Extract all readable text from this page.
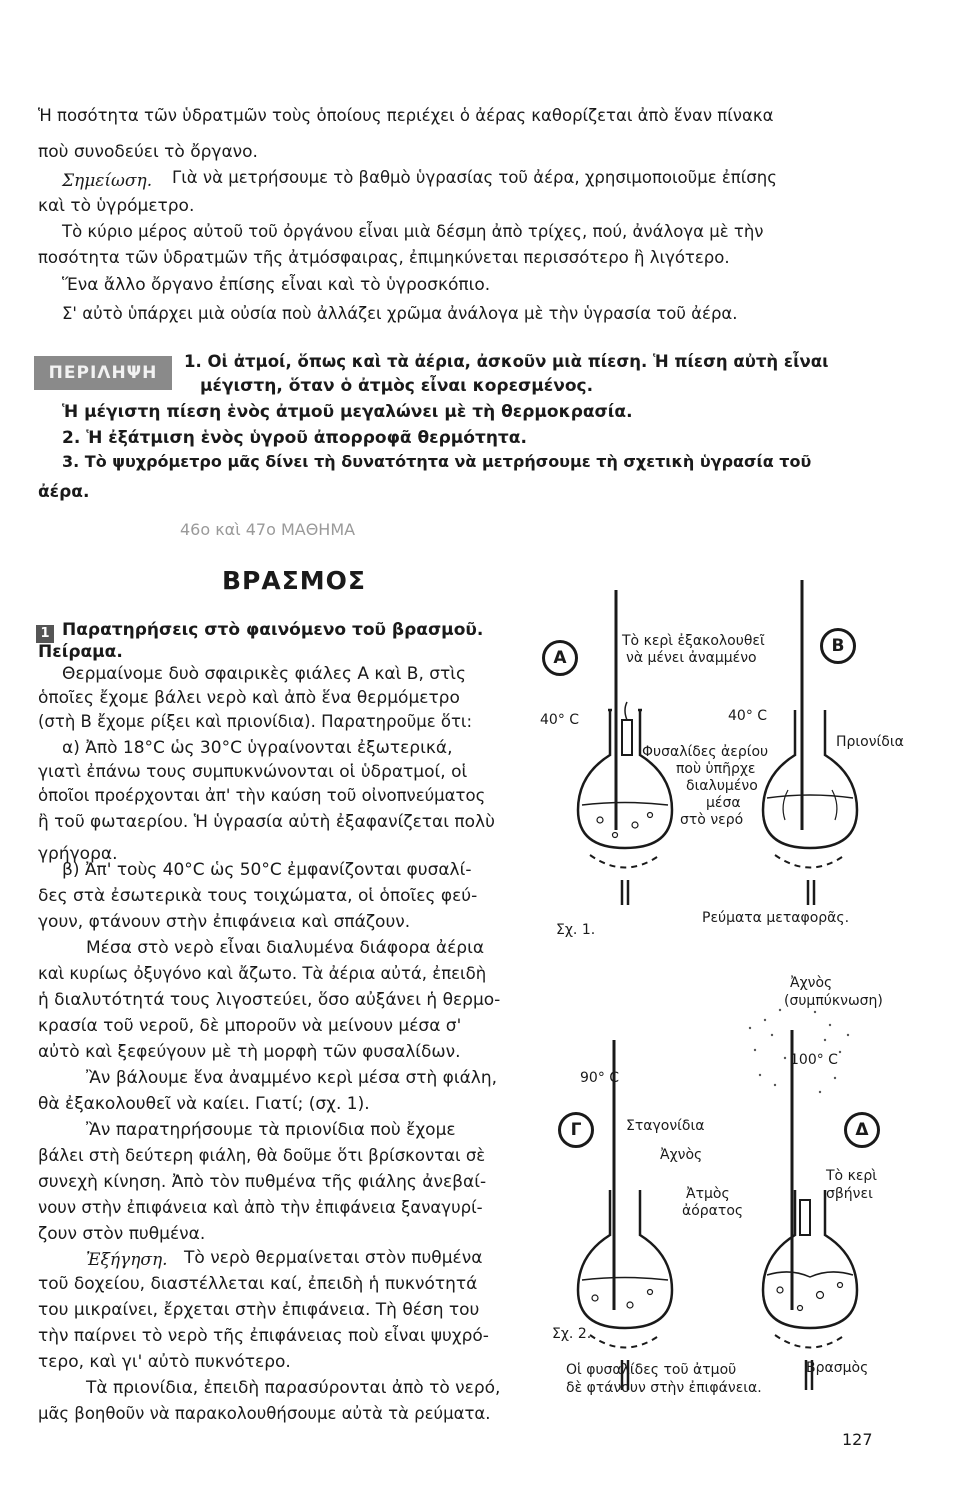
Ἡ ποσότητα τῶν ὑδρατμῶν τοὺς ὁποίους περιέχει ὁ ἀέρας καθορίζεται ἀπὸ ἕναν πίνακα
ποὺ συνοδεύει τὸ ὄργανο.
Σημείωση. Γιὰ νὰ μετρήσουμε τὸ βαθμὸ ὑγρασίας τοῦ ἀέρα, χρησιμοποιοῦμε ἐπίσης
καὶ τὸ ὑγρόμετρο.
Τὸ κύριο μέρος αὐτοῦ τοῦ ὀργάνου εἶναι μιὰ δέσμη ἀπὸ τρίχες, πού, ἀνάλογα μὲ τὴν
ποσότητα τῶν ὑδρατμῶν τῆς ἀτμόσφαιρας, ἐπιμηκύνεται περισσότερο ἢ λιγότερο.
Ἕνα ἄλλο ὄργανο ἐπίσης εἶναι καὶ τὸ ὑγροσκόπιο.
Σ' αὐτὸ ὑπάρχει μιὰ οὐσία ποὺ ἀλλάζει χρῶμα ἀνάλογα μὲ τὴν ὑγρασία τοῦ ἀέρα.
ΠΕΡΙΛΗΨΗ
1. Οἱ ἀτμοί, ὅπως καὶ τὰ ἀέρια, ἀσκοῦν μιὰ πίεση. Ἡ πίεση αὐτὴ εἶναι
μέγιστη, ὅταν ὁ ἀτμὸς εἶναι κορεσμένος.
Ἡ μέγιστη πίεση ἑνὸς ἀτμοῦ μεγαλώνει μὲ τὴ θερμοκρασία.
2. Ἡ ἐξάτμιση ἑνὸς ὑγροῦ ἀπορροφᾶ θερμότητα.
3. Τὸ ψυχρόμετρο μᾶς δίνει τὴ δυνατότητα νὰ μετρήσουμε τὴ σχετικὴ ὑγρασία τοῦ
ἀέρα.
46ο καὶ 47ο ΜΑΘΗΜΑ
ΒΡΑΣΜΟΣ
1 Παρατηρήσεις στὸ φαινόμενο τοῦ βρασμοῦ.
Πείραμα.
Θερμαίνομε δυὸ σφαιρικὲς φιάλες Α καὶ Β, στὶς
ὁποῖες ἔχομε βάλει νερὸ καὶ ἀπὸ ἕνα θερμόμετρο
(στὴ Β ἔχομε ρίξει καὶ πριονίδια). Παρατηροῦμε ὅτι:
α) Ἀπὸ 18°C ὡς 30°C ὑγραίνονται ἐξωτερικά,
γιατὶ ἐπάνω τους συμπυκνώνονται οἱ ὑδρατμοί, οἱ
ὁποῖοι προέρχονται ἀπ' τὴν καύση τοῦ οἰνοπνεύματος
ἢ τοῦ φωταερίου. Ἡ ὑγρασία αὐτὴ ἐξαφανίζεται πολὺ
γρήγορα.
β) Ἀπ' τοὺς 40°C ὡς 50°C ἐμφανίζονται φυσαλί-
δες στὰ ἐσωτερικὰ τους τοιχώματα, οἱ ὁποῖες φεύ-
γουν, φτάνουν στὴν ἐπιφάνεια καὶ σπάζουν.
Μέσα στὸ νερὸ εἶναι διαλυμένα διάφορα ἀέρια
καὶ κυρίως ὀξυγόνο καὶ ἄζωτο. Τὰ ἀέρια αὐτά, ἐπειδὴ
ἡ διαλυτότητά τους λιγοστεύει, ὅσο αὐξάνει ἡ θερμο-
κρασία τοῦ νεροῦ, δὲ μποροῦν νὰ μείνουν μέσα σ'
αὐτὸ καὶ ξεφεύγουν μὲ τὴ μορφὴ τῶν φυσαλίδων.
Ἂν βάλουμε ἕνα ἀναμμένο κερὶ μέσα στὴ φιάλη,
θὰ ἐξακολουθεῖ νὰ καίει. Γιατί; (σχ. 1).
Ἂν παρατηρήσουμε τὰ πριονίδια ποὺ ἔχομε
βάλει στὴ δεύτερη φιάλη, θὰ δοῦμε ὅτι βρίσκονται σὲ
συνεχὴ κίνηση. Ἀπὸ τὸν πυθμένα τῆς φιάλης ἀνεβαί-
νουν στὴν ἐπιφάνεια καὶ ἀπὸ τὴν ἐπιφάνεια ξαναγυρί-
ζουν στὸν πυθμένα.
Ἐξήγηση. Τὸ νερὸ θερμαίνεται στὸν πυθμένα
τοῦ δοχείου, διαστέλλεται καί, ἐπειδὴ ἡ πυκνότητά
του μικραίνει, ἔρχεται στὴν ἐπιφάνεια. Τὴ θέση του
τὴν παίρνει τὸ νερὸ τῆς ἐπιφάνειας ποὺ εἶναι ψυχρό-
τερο, καὶ γι' αὐτὸ πυκνότερο.
Τὰ πριονίδια, ἐπειδὴ παρασύρονται ἀπὸ τὸ νερό,
μᾶς βοηθοῦν νὰ παρακολουθήσουμε αὐτὰ τὰ ρεύματα.
A
B
Τὸ κερὶ ἐξακολουθεῖ
νὰ μένει ἀναμμένο
40° C	40° C
Πριονίδια
Φυσαλίδες ἀερίου
ποὺ ὑπῆρχε
διαλυμένο
μέσα
στὸ νερό
Σχ. 1.
Ρεύματα μεταφορᾶς.
Ἀχνὸς
(συμπύκνωση)
100° C
90° C
Γ	Δ
Σταγονίδια
Ἀχνὸς
Ἀτμὸς
ἀόρατος
Τὸ κερὶ
σβήνει
Σχ. 2.
Οἱ φυσαλίδες τοῦ ἀτμοῦ
δὲ φτάνουν στὴν ἐπιφάνεια.
Βρασμὸς
127
